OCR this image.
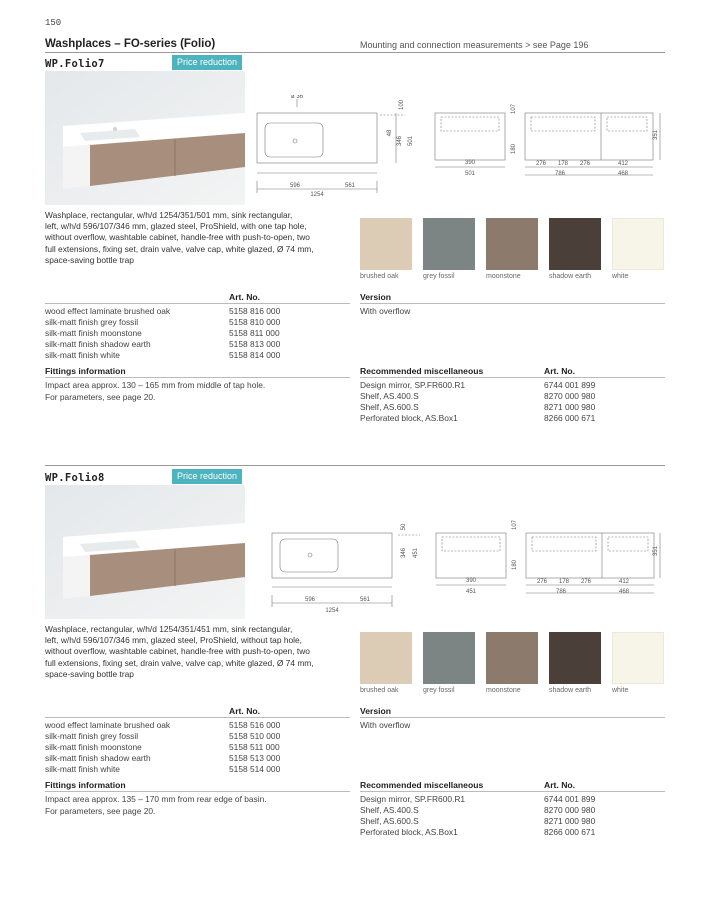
150
Washplaces – FO-series (Folio)	Mounting and connection measurements > see Page 196
WP.Folio7	Price reduction
ø 36
596	561
1254
100
48
346 501
390
501
107
180
276 178 276	412
786	468
351
Washplace, rectangular, w/h/d 1254/351/501 mm, sink rectangular,
left, w/h/d 596/107/346 mm, glazed steel, ProShield, with one tap hole,
without overflow, washtable cabinet, handle-free with push-to-open, two
full extensions, fixing set, drain valve, valve cap, white glazed, Ø 74 mm,
space-saving bottle trap
brushed oak	grey fossil	moonstone	shadow earth	white
Art. No.
wood effect laminate brushed oak	5158 816 000
silk-matt finish grey fossil	5158 810 000
silk-matt finish moonstone	5158 811 000
silk-matt finish shadow earth	5158 813 000
silk-matt finish white	5158 814 000
Version
With overflow
Fittings information
Impact area approx. 130 – 165 mm from middle of tap hole.
For parameters, see page 20.
Recommended miscellaneous	Art. No.
Design mirror, SP.FR600.R1	6744 001 899
Shelf, AS.400.S	8270 000 980
Shelf, AS.600.S	8271 000 980
Perforated block, AS.Box1	8266 000 671
WP.Folio8	Price reduction
596	561
1254
50
346 451
390
451
107
180
276 178 276	412
786	468
351
Washplace, rectangular, w/h/d 1254/351/451 mm, sink rectangular,
left, w/h/d 596/107/346 mm, glazed steel, ProShield, without tap hole,
without overflow, washtable cabinet, handle-free with push-to-open, two
full extensions, fixing set, drain valve, valve cap, white glazed, Ø 74 mm,
space-saving bottle trap
brushed oak	grey fossil	moonstone	shadow earth	white
Art. No.
wood effect laminate brushed oak	5158 516 000
silk-matt finish grey fossil	5158 510 000
silk-matt finish moonstone	5158 511 000
silk-matt finish shadow earth	5158 513 000
silk-matt finish white	5158 514 000
Version
With overflow
Fittings information
Impact area approx. 135 – 170 mm from rear edge of basin.
For parameters, see page 20.
Recommended miscellaneous	Art. No.
Design mirror, SP.FR600.R1	6744 001 899
Shelf, AS.400.S	8270 000 980
Shelf, AS.600.S	8271 000 980
Perforated block, AS.Box1	8266 000 671
